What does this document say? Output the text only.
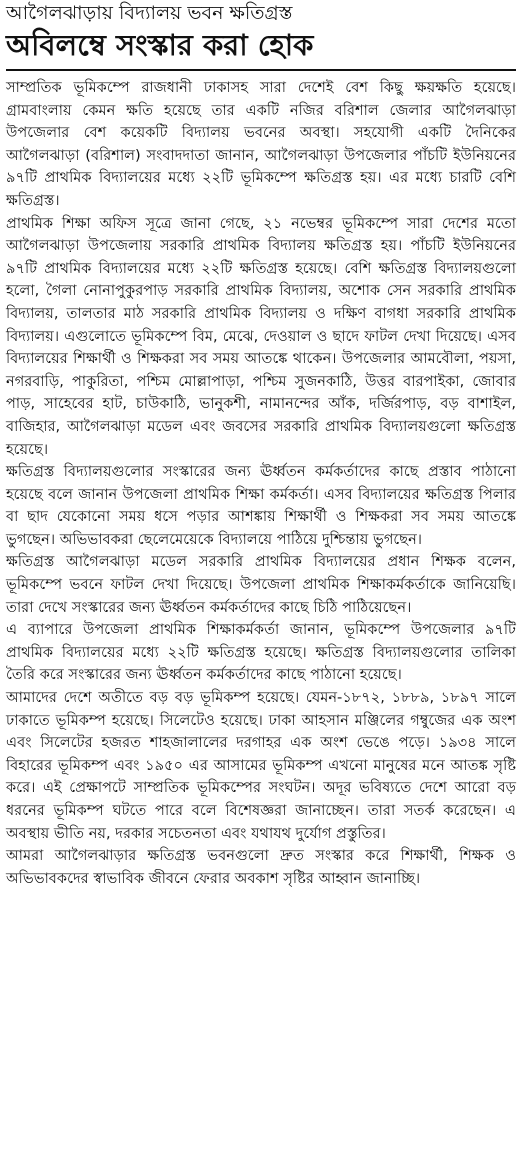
আগৈলঝাড়ায় বিদ্যালয় ভবন ক্ষতিগ্রস্ত
অবিলম্বে সংস্কার করা হোক

সাম্প্রতিক ভূমিকম্পে রাজধানী ঢাকাসহ সারা দেশেই বেশ কিছু ক্ষয়ক্ষতি হয়েছে। গ্রামবাংলায় কেমন ক্ষতি হয়েছে তার একটি নজির বরিশাল জেলার আগৈলঝাড়া উপজেলার বেশ কয়েকটি বিদ্যালয় ভবনের অবস্থা। সহযোগী একটি দৈনিকের আগৈলঝাড়া (বরিশাল) সংবাদদাতা জানান, আগৈলঝাড়া উপজেলার পাঁচটি ইউনিয়নের ৯৭টি প্রাথমিক বিদ্যালয়ের মধ্যে ২২টি ভূমিকম্পে ক্ষতিগ্রস্ত হয়। এর মধ্যে চারটি বেশি ক্ষতিগ্রস্ত।

প্রাথমিক শিক্ষা অফিস সূত্রে জানা গেছে, ২১ নভেম্বর ভূমিকম্পে সারা দেশের মতো আগৈলঝাড়া উপজেলায় সরকারি প্রাথমিক বিদ্যালয় ক্ষতিগ্রস্ত হয়। পাঁচটি ইউনিয়নের ৯৭টি প্রাথমিক বিদ্যালয়ের মধ্যে ২২টি ক্ষতিগ্রস্ত হয়েছে। বেশি ক্ষতিগ্রস্ত বিদ্যালয়গুলো হলো, গৈলা নোনাপুকুরপাড় সরকারি প্রাথমিক বিদ্যালয়, অশোক সেন সরকারি প্রাথমিক বিদ্যালয়, তালতার মাঠ সরকারি প্রাথমিক বিদ্যালয় ও দক্ষিণ বাগধা সরকারি প্রাথমিক বিদ্যালয়। এগুলোতে ভূমিকম্পে বিম, মেঝে, দেওয়াল ও ছাদে ফাটল দেখা দিয়েছে। এসব বিদ্যালয়ের শিক্ষার্থী ও শিক্ষকরা সব সময় আতঙ্কে থাকেন। উপজেলার আমবৌলা, পয়সা, নগরবাড়ি, পাকুরিতা, পশ্চিম মোল্লাপাড়া, পশ্চিম সুজনকাঠি, উত্তর বারপাইকা, জোবার পাড়, সাহেবের হাট, চাউকাঠি, ভানুকশী, নামানন্দের আঁক, দর্জিরপাড়, বড় বাশাইল, বাজিহার, আগৈলঝাড়া মডেল এবং জবসের সরকারি প্রাথমিক বিদ্যালয়গুলো ক্ষতিগ্রস্ত হয়েছে।

ক্ষতিগ্রস্ত বিদ্যালয়গুলোর সংস্কারের জন্য ঊর্ধ্বতন কর্মকর্তাদের কাছে প্রস্তাব পাঠানো হয়েছে বলে জানান উপজেলা প্রাথমিক শিক্ষা কর্মকর্তা। এসব বিদ্যালয়ের ক্ষতিগ্রস্ত পিলার বা ছাদ যেকোনো সময় ধসে পড়ার আশঙ্কায় শিক্ষার্থী ও শিক্ষকরা সব সময় আতঙ্কে ভুগছেন। অভিভাবকরা ছেলেমেয়েকে বিদ্যালয়ে পাঠিয়ে দুশ্চিন্তায় ভুগছেন।

ক্ষতিগ্রস্ত আগৈলঝাড়া মডেল সরকারি প্রাথমিক বিদ্যালয়ের প্রধান শিক্ষক বলেন, ভূমিকম্পে ভবনে ফাটল দেখা দিয়েছে। উপজেলা প্রাথমিক শিক্ষাকর্মকর্তাকে জানিয়েছি। তারা দেখে সংস্কারের জন্য ঊর্ধ্বতন কর্মকর্তাদের কাছে চিঠি পাঠিয়েছেন।

এ ব্যাপারে উপজেলা প্রাথমিক শিক্ষাকর্মকর্তা জানান, ভূমিকম্পে উপজেলার ৯৭টি প্রাথমিক বিদ্যালয়ের মধ্যে ২২টি ক্ষতিগ্রস্ত হয়েছে। ক্ষতিগ্রস্ত বিদ্যালয়গুলোর তালিকা তৈরি করে সংস্কারের জন্য ঊর্ধ্বতন কর্মকর্তাদের কাছে পাঠানো হয়েছে।

আমাদের দেশে অতীতে বড় বড় ভূমিকম্প হয়েছে। যেমন-১৮৭২, ১৮৮৯, ১৮৯৭ সালে ঢাকাতে ভূমিকম্প হয়েছে। সিলেটেও হয়েছে। ঢাকা আহসান মঞ্জিলের গম্বুজের এক অংশ এবং সিলেটের হজরত শাহজালালের দরগাহর এক অংশ ভেঙে পড়ে। ১৯৩৪ সালে বিহারের ভূমিকম্প এবং ১৯৫০ এর আসামের ভূমিকম্প এখনো মানুষের মনে আতঙ্ক সৃষ্টি করে। এই প্রেক্ষাপটে সাম্প্রতিক ভূমিকম্পের সংঘটন। অদূর ভবিষ্যতে দেশে আরো বড় ধরনের ভূমিকম্প ঘটতে পারে বলে বিশেষজ্ঞরা জানাচ্ছেন। তারা সতর্ক করেছেন। এ অবস্থায় ভীতি নয়, দরকার সচেতনতা এবং যথাযথ দুর্যোগ প্রস্তুতির।

আমরা আগৈলঝাড়ার ক্ষতিগ্রস্ত ভবনগুলো দ্রুত সংস্কার করে শিক্ষার্থী, শিক্ষক ও অভিভাবকদের স্বাভাবিক জীবনে ফেরার অবকাশ সৃষ্টির আহ্বান জানাচ্ছি।
